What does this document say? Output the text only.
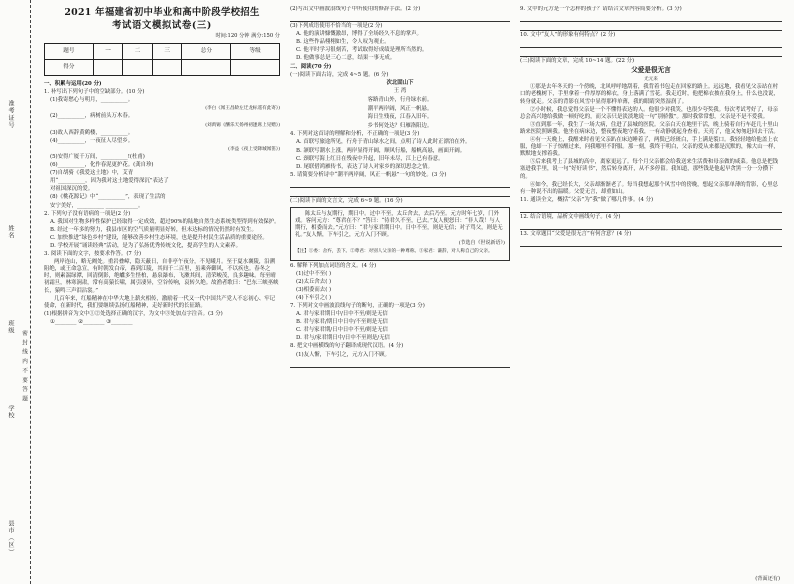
准考证号
姓名
班级
学校
县市（区）
密 封 线 内 不 要 答 题
2021 年福建省初中毕业和高中阶段学校招生
考试语文模拟试卷(三)
时间:120 分钟 满分:150 分
题号	一	二	三	总分	等级
得分					

一、积累与运用(20 分)

1. 补写出下列句子中的空缺部分。(10 分)

(1)我寄愁心与明月，__________。

(李白《闻王昌龄左迁龙标遥有此寄》)

(2)__________，病树前头万木春。

(刘禹锡《酬乐天扬州初逢席上见赠》)

(3)故人西辞黄鹤楼，__________。

(4)__________，一夜征人尽望乡。

(李益《夜上受降城闻笛》)

(5)安得广厦千万间，__________!(杜甫)

(6)__________，化作春泥更护花。(龚自珍)

(7)自胡骑《我爱这土地》中，艾青

用“__________，因为我对这土地爱得深沉”表达了

对祖国深沉的爱。

(8)《桃花源记》中“__________”，表现了生活的

安宁美好，__________ ____________。

2. 下列句子没有语病的一项是(2 分)

A. 我国对生物多样性保护已经取得一定成效，超过90%的陆地自然生态系统类型得到有效保护。

B. 经过一年多的努力，我县市区的空气质量明显好转，但未达标的情况仍然时有发生。

C. 加快推进“绿色乡村”建设，能够改善乡村生态环境，也是提升村民生活品质的重要途径。

D. 学校开展“诵读经典”活动，是为了弘扬优秀传统文化，提高学生的人文素养。

3. 阅读下面的文字，按要求作答。(7 分)

两岸连山，略无阙处。重岩叠嶂，隐天蔽日，自非亭午夜分，不见曦月。至于夏水襄陵，沿溯阻绝，或王命急宣，有时朝发白帝，暮到江陵，其间千二百里，虽乘奔御风，不以疾也。春冬之时，则素湍绿潭，回清倒影，绝巘多生怪柏，悬泉瀑布，飞漱其间，清荣峻茂，良多趣味。每至晴初霜旦，林寒涧肃，常有高猿长啸，属引凄异，空谷传响，哀转久绝。故渔者歌曰：“巴东三峡巫峡长，猿鸣三声泪沾裳。”

几百年来，红船精神在中华大地上薪火相传，激励着一代又一代中国共产党人不忘初心、牢记使命，在新时代，我们要继续弘扬红船精神，走好新时代的长征路。

(1)根据拼音为文中①②处选择正确的汉字，为文中③处加点字注音。(3 分)

①________ ②________ ③________

(2)写出文中画波浪线句子中所使用的修辞手法。(2 分)

(3)下列成语使用不恰当的一项是(2 分)

A. 他的演讲慷慨激昂，博得了全场经久不息的掌声。

B. 这些作品栩栩如生，令人叹为观止。

C. 他平时学习很刻苦，考试取得好成绩是理所当然的。

D. 他做事总是三心二意，结果一事无成。

二、阅读(70 分)

(一)阅读下面古诗，完成 4~5 题。(6 分)

次北固山下

王 湾

客路青山外，行舟绿水前。

潮平两岸阔，风正一帆悬。

海日生残夜，江春入旧年。

乡书何处达？归雁洛阳边。

4. 下列对这首诗的理解和分析，不正确的一项是(3 分)

A. 首联写旅途所见，行舟于青山绿水之间，点明了诗人此时正漂泊在外。

B. 颔联写潮水上涨，两岸显得开阔，顺风行船，船帆高悬，画面开阔。

C. 颈联写海上红日在残夜中升起，旧年未尽，江上已有春意。

D. 尾联借鸿雁传书，表达了诗人对家乡的深切思念之情。

5. 请简要分析诗中“潮平两岸阔，风正一帆悬”一句的妙处。(3 分)

(二)阅读下面的文言文，完成 6~9 题。(16 分)

陈太丘与友期行，期日中。过中不至，太丘舍去，去后乃至。元方时年七岁，门外戏。客问元方：“尊君在不？”答曰：“待君久不至，已去。”友人便怒曰：“非人哉！与人期行，相委而去。”元方曰：“君与家君期日中。日中不至，则是无信；对子骂父，则是无礼。”友人惭，下车引之，元方入门不顾。

(节选自《世说新语》)

【注】①委：舍弃，丢下。②尊君：对别人父亲的一种尊称。③家君：谦辞，对人称自己的父亲。

6. 解释下列加点词语的含义。(4 分)

(1)过中不至( )

(2)太丘舍去( )

(3)相委而去( )

(4)下车引之( )

7. 下列对文中画波浪线句子的断句，正确的一项是(3 分)

A. 君与家君期日中/日中不至/则是无信

B. 君与家君/期日中日中/不至则是无信

C. 君与家君期/日中日中不至/则是无信

D. 君与/家君期日中/日中不至则是/无信

8. 把文中画横线的句子翻译成现代汉语。(4 分)

(1)友人惭，下车引之，元方入门不顾。

9. 文中的元方是一个怎样的孩子？请结合文章内容简要分析。(3 分)

10. 文中“友人”的形象有何特点？(2 分)

(三)阅读下面的文章，完成 10~14 题。(22 分)

父爱是很无言

尤元来

①那是去年冬天的一个傍晚，北风呼呼地刮着，我背着书包走在回家的路上。远远地，我看见父亲站在村口的老槐树下，手里拿着一件厚厚的棉衣，身上落满了雪花。我走近时，他把棉衣披在我身上，什么也没说，转身就走。父亲的背影在风雪中显得那样单薄，我的眼睛突然湿润了。

②小时候，我总觉得父亲是一个不懂得表达的人。他很少对我笑，也很少夸奖我。每次考试考好了，母亲总会高兴地给我做一顿好吃的，而父亲只是淡淡地说一句“别骄傲”。那时我常常想，父亲是不是不爱我。

③直到那一年，我生了一场大病，住进了县城的医院。父亲白天在地里干活，晚上骑着自行车赶几十里山路来医院照顾我。他坐在病床边，整夜整夜地守着我，一有动静就起身查看。天亮了，他又匆匆赶回去干活。

④有一天晚上，我醒来时看见父亲趴在床边睡着了，两鬓已经斑白，手上满是裂口。我轻轻地给他盖上衣服，他却一下子惊醒过来，问我哪里不舒服。那一刻，我终于明白，父亲的爱从来都是沉默的，像大山一样，默默地支撑着我。

⑤后来我考上了县城的高中，离家更远了。每个月父亲都会给我送来生活费和母亲做的咸菜。他总是把钱塞进我手里，说一句“好好读书”，然后转身离开，从不多停留。我知道，那些钱是他起早贪黑一分一分攒下的。

⑥如今，我已经长大，父亲却渐渐老了。每当我想起那个风雪中的傍晚，想起父亲那单薄的背影，心里总有一种说不出的温暖。父爱无言，却重如山。

11. 通读全文，概括“父亲”为“我”做了哪几件事。(4 分)

12. 结合语境，品析文中画线句子。(4 分)

13. 文章题目“父爱是很无言”有何含意？(4 分)

(背面还有)
